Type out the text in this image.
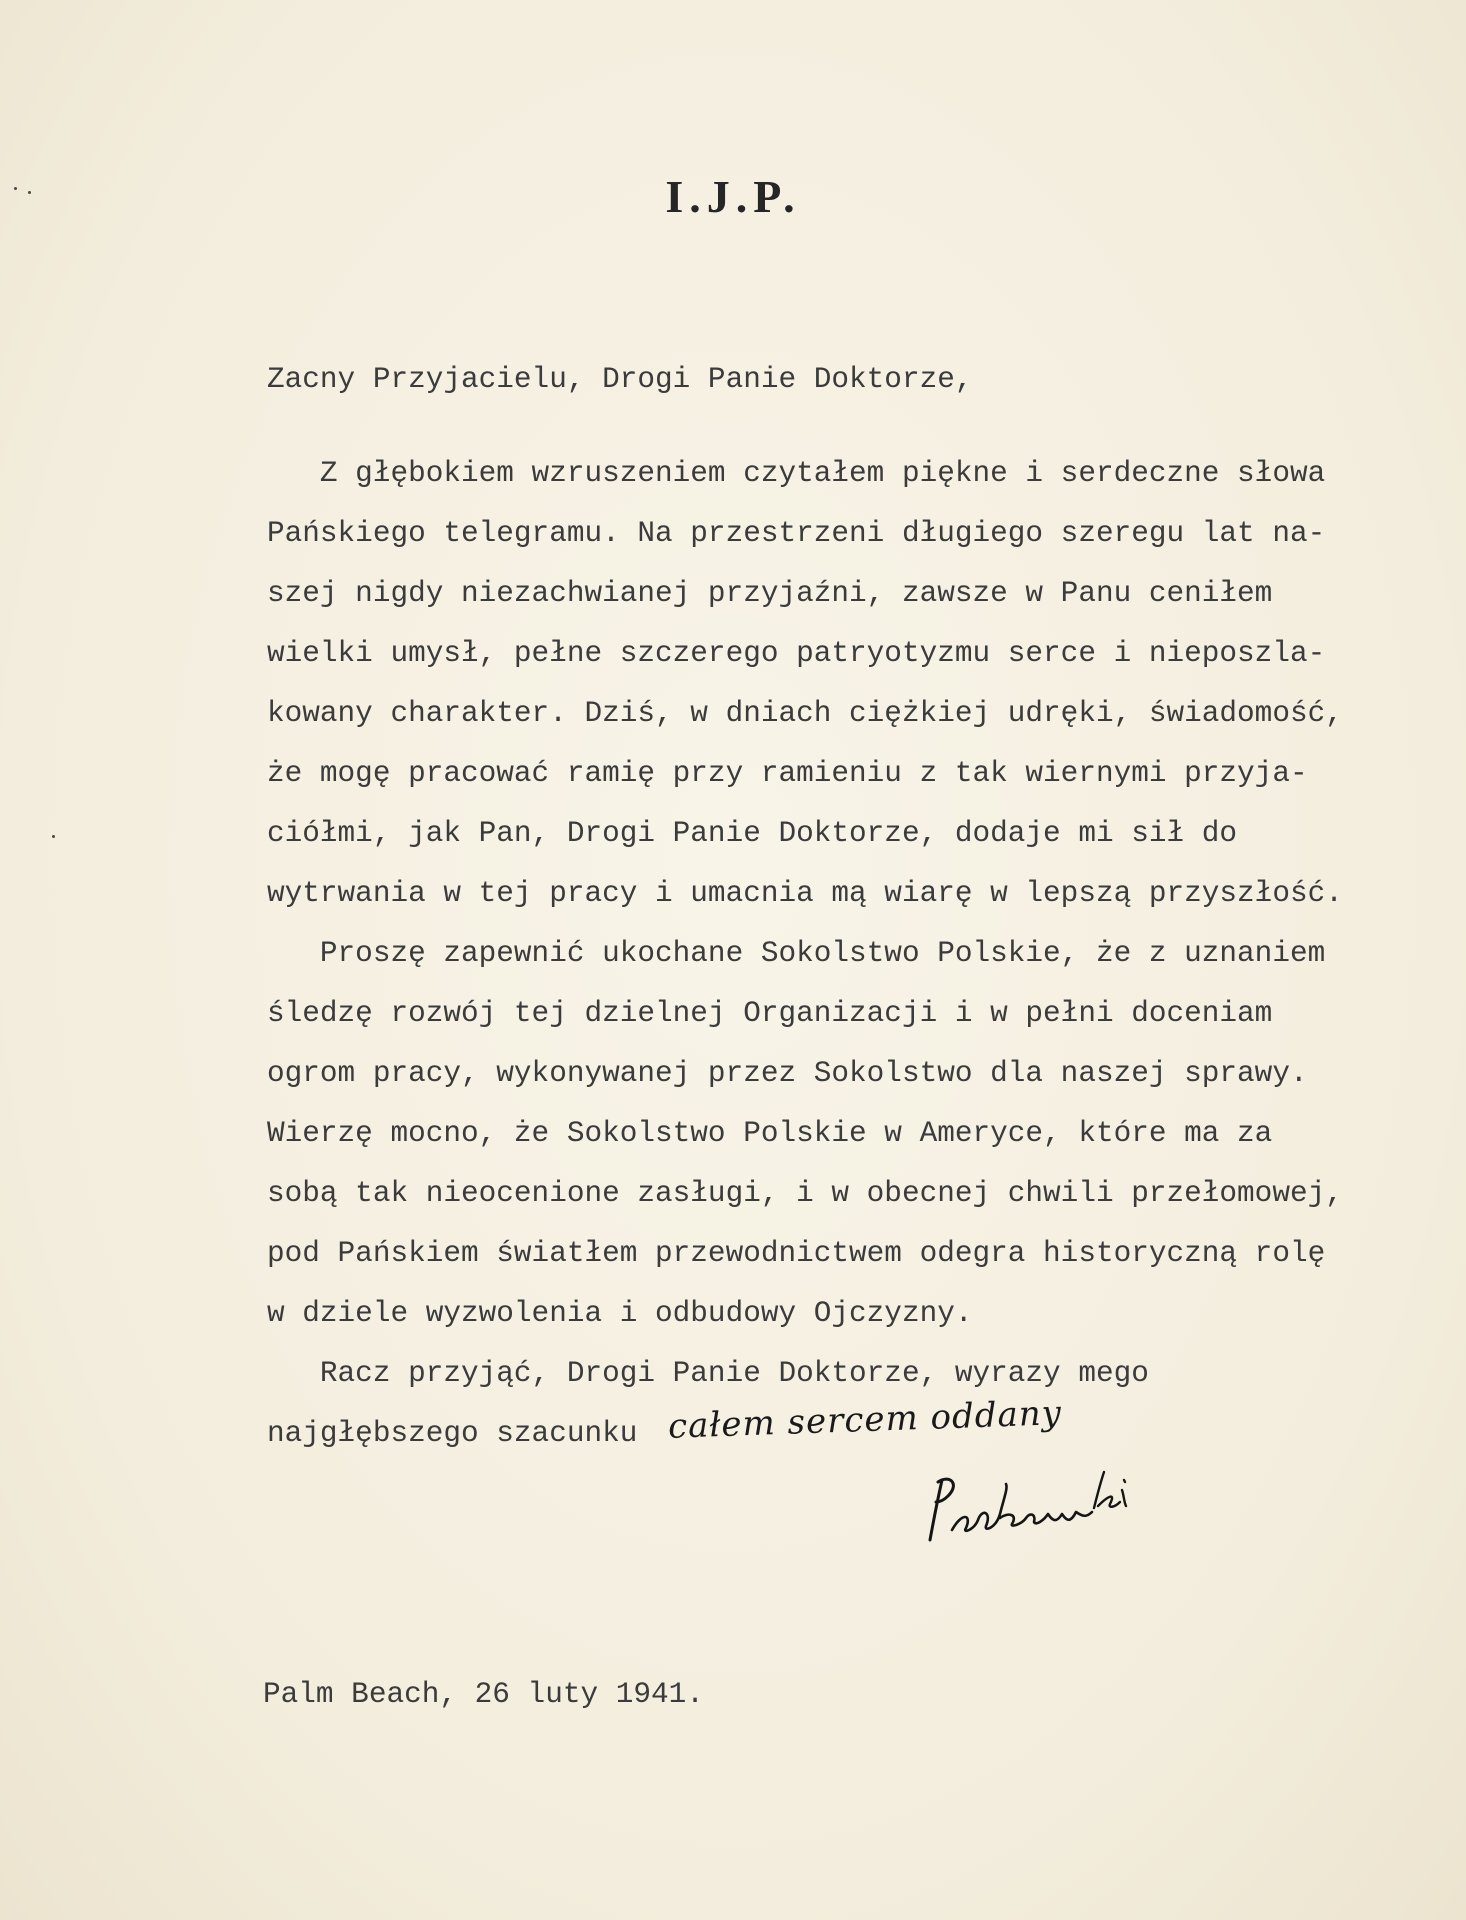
I.J.P.
Zacny Przyjacielu, Drogi Panie Doktorze,
Z głębokiem wzruszeniem czytałem piękne i serdeczne słowa
Pańskiego telegramu. Na przestrzeni długiego szeregu lat na-
szej nigdy niezachwianej przyjaźni, zawsze w Panu ceniłem
wielki umysł, pełne szczerego patryotyzmu serce i nieposzla-
kowany charakter. Dziś, w dniach ciężkiej udręki, świadomość,
że mogę pracować ramię przy ramieniu z tak wiernymi przyja-
ciółmi, jak Pan, Drogi Panie Doktorze, dodaje mi sił do
wytrwania w tej pracy i umacnia mą wiarę w lepszą przyszłość.
Proszę zapewnić ukochane Sokolstwo Polskie, że z uznaniem
śledzę rozwój tej dzielnej Organizacji i w pełni doceniam
ogrom pracy, wykonywanej przez Sokolstwo dla naszej sprawy.
Wierzę mocno, że Sokolstwo Polskie w Ameryce, które ma za
sobą tak nieocenione zasługi, i w obecnej chwili przełomowej,
pod Pańskiem światłem przewodnictwem odegra historyczną rolę
w dziele wyzwolenia i odbudowy Ojczyzny.
Racz przyjąć, Drogi Panie Doktorze, wyrazy mego
najgłębszego szacunku całem sercem oddany
Palm Beach, 26 luty 1941.
